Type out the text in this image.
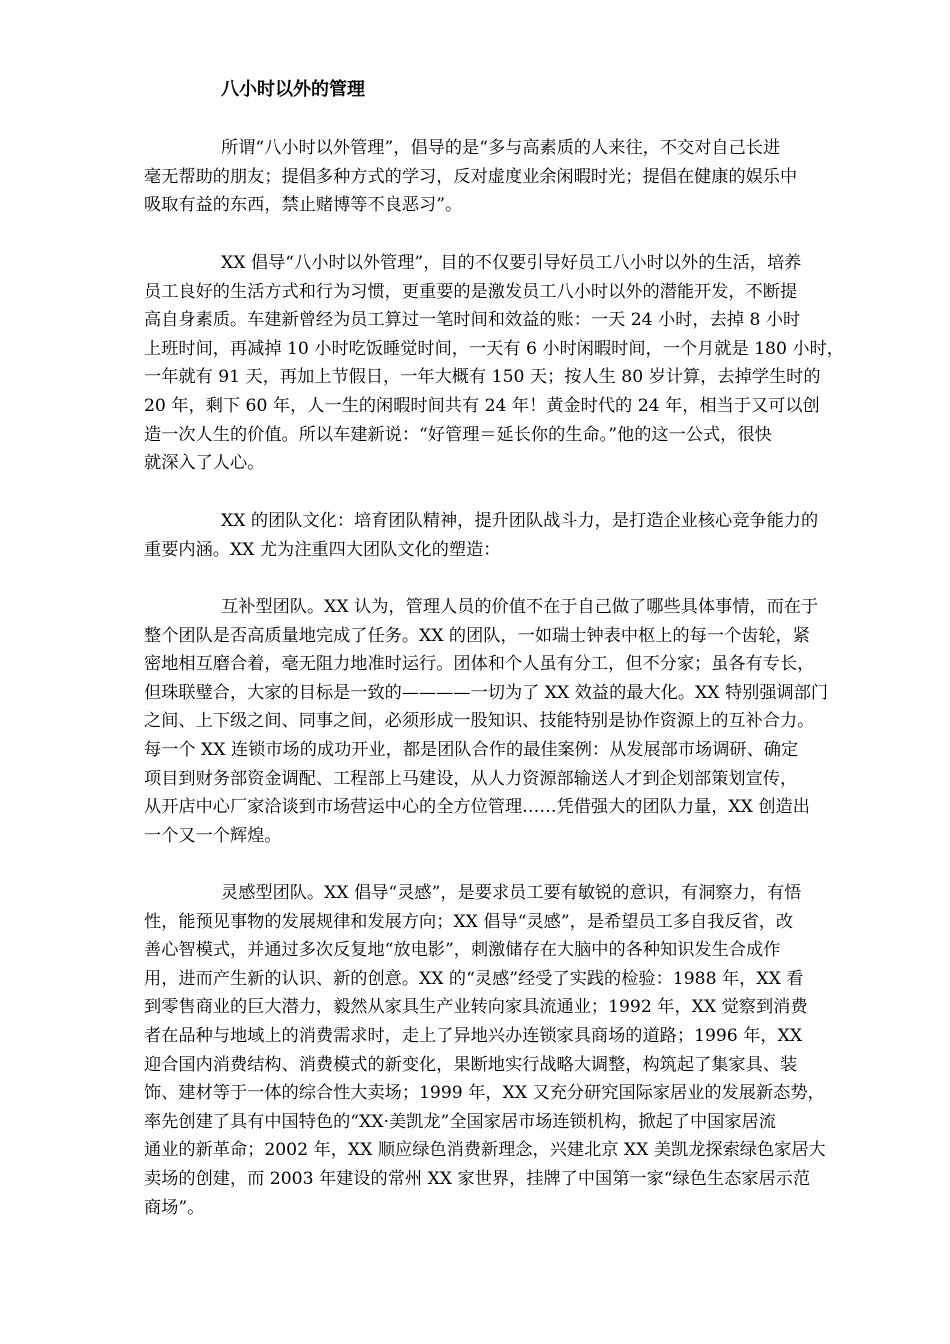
八小时以外的管理
所谓“八小时以外管理”，倡导的是“多与高素质的人来往，不交对自己长进
毫无帮助的朋友；提倡多种方式的学习，反对虚度业余闲暇时光；提倡在健康的娱乐中
吸取有益的东西，禁止赌博等不良恶习”。
XX 倡导“八小时以外管理”，目的不仅要引导好员工八小时以外的生活，培养
员工良好的生活方式和行为习惯，更重要的是激发员工八小时以外的潜能开发，不断提
高自身素质。车建新曾经为员工算过一笔时间和效益的账：一天 24 小时，去掉 8 小时
上班时间，再减掉 10 小时吃饭睡觉时间，一天有 6 小时闲暇时间，一个月就是 180 小时，
一年就有 91 天，再加上节假日，一年大概有 150 天；按人生 80 岁计算，去掉学生时的
20 年，剩下 60 年，人一生的闲暇时间共有 24 年！黄金时代的 24 年，相当于又可以创
造一次人生的价值。所以车建新说：“好管理＝延长你的生命。”他的这一公式，很快
就深入了人心。
XX 的团队文化：培育团队精神，提升团队战斗力，是打造企业核心竞争能力的
重要内涵。XX 尤为注重四大团队文化的塑造：
互补型团队。XX 认为，管理人员的价值不在于自己做了哪些具体事情，而在于
整个团队是否高质量地完成了任务。XX 的团队，一如瑞士钟表中枢上的每一个齿轮，紧
密地相互磨合着，毫无阻力地准时运行。团体和个人虽有分工，但不分家；虽各有专长，
但珠联璧合，大家的目标是一致的————一切为了 XX 效益的最大化。XX 特别强调部门
之间、上下级之间、同事之间，必须形成一股知识、技能特别是协作资源上的互补合力。
每一个 XX 连锁市场的成功开业，都是团队合作的最佳案例：从发展部市场调研、确定
项目到财务部资金调配、工程部上马建设，从人力资源部输送人才到企划部策划宣传，
从开店中心厂家洽谈到市场营运中心的全方位管理……凭借强大的团队力量，XX 创造出
一个又一个辉煌。
灵感型团队。XX 倡导“灵感”，是要求员工要有敏锐的意识，有洞察力，有悟
性，能预见事物的发展规律和发展方向；XX 倡导“灵感”，是希望员工多自我反省，改
善心智模式，并通过多次反复地“放电影”，刺激储存在大脑中的各种知识发生合成作
用，进而产生新的认识、新的创意。XX 的“灵感”经受了实践的检验：1988 年，XX 看
到零售商业的巨大潜力，毅然从家具生产业转向家具流通业；1992 年，XX 觉察到消费
者在品种与地域上的消费需求时，走上了异地兴办连锁家具商场的道路；1996 年，XX
迎合国内消费结构、消费模式的新变化，果断地实行战略大调整，构筑起了集家具、装
饰、建材等于一体的综合性大卖场；1999 年，XX 又充分研究国际家居业的发展新态势，
率先创建了具有中国特色的“XX·美凯龙”全国家居市场连锁机构，掀起了中国家居流
通业的新革命；2002 年，XX 顺应绿色消费新理念，兴建北京 XX 美凯龙探索绿色家居大
卖场的创建，而 2003 年建设的常州 XX 家世界，挂牌了中国第一家“绿色生态家居示范
商场”。
